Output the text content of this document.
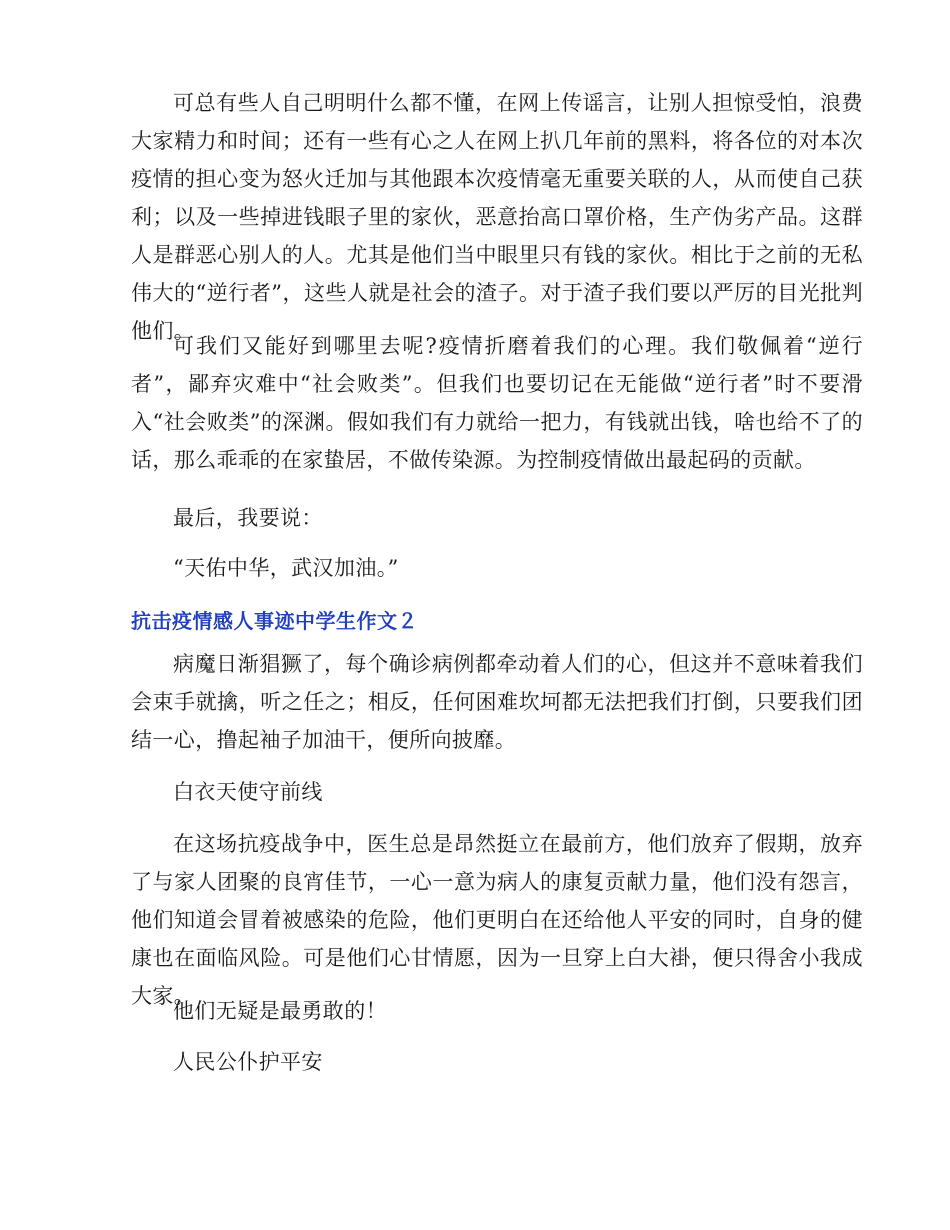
可总有些人自己明明什么都不懂，在网上传谣言，让别人担惊受怕，浪费大家精力和时间；还有一些有心之人在网上扒几年前的黑料，将各位的对本次疫情的担心变为怒火迁加与其他跟本次疫情毫无重要关联的人，从而使自己获利；以及一些掉进钱眼子里的家伙，恶意抬高口罩价格，生产伪劣产品。这群人是群恶心别人的人。尤其是他们当中眼里只有钱的家伙。相比于之前的无私伟大的“逆行者”，这些人就是社会的渣子。对于渣子我们要以严厉的目光批判他们。

可我们又能好到哪里去呢?疫情折磨着我们的心理。我们敬佩着“逆行者”，鄙弃灾难中“社会败类”。但我们也要切记在无能做“逆行者”时不要滑入“社会败类”的深渊。假如我们有力就给一把力，有钱就出钱，啥也给不了的话，那么乖乖的在家蛰居，不做传染源。为控制疫情做出最起码的贡献。

最后，我要说：

“天佑中华，武汉加油。”

抗击疫情感人事迹中学生作文２

病魔日渐猖獗了，每个确诊病例都牵动着人们的心，但这并不意味着我们会束手就擒，听之任之；相反，任何困难坎坷都无法把我们打倒，只要我们团结一心，撸起袖子加油干，便所向披靡。

白衣天使守前线

在这场抗疫战争中，医生总是昂然挺立在最前方，他们放弃了假期，放弃了与家人团聚的良宵佳节，一心一意为病人的康复贡献力量，他们没有怨言，他们知道会冒着被感染的危险，他们更明白在还给他人平安的同时，自身的健康也在面临风险。可是他们心甘情愿，因为一旦穿上白大褂，便只得舍小我成大家。

他们无疑是最勇敢的！

人民公仆护平安
